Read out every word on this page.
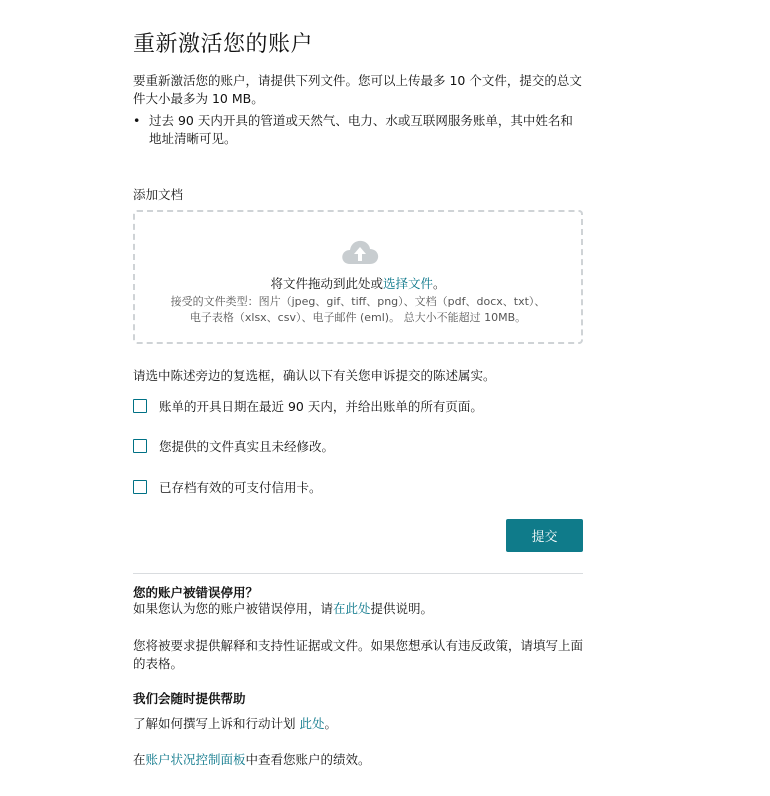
重新激活您的账户
要重新激活您的账户，请提供下列文件。您可以上传最多 10 个文件，提交的总文件大小最多为 10 MB。
• 过去 90 天内开具的管道或天然气、电力、水或互联网服务账单，其中姓名和地址清晰可见。
添加文档
将文件拖动到此处或选择文件。
接受的文件类型：图片（jpeg、gif、tiff、png）、文档（pdf、docx、txt）、
电子表格（xlsx、csv）、电子邮件 (eml)。 总大小不能超过 10MB。
请选中陈述旁边的复选框，确认以下有关您申诉提交的陈述属实。
账单的开具日期在最近 90 天内，并给出账单的所有页面。
您提供的文件真实且未经修改。
已存档有效的可支付信用卡。
提交
您的账户被错误停用？
如果您认为您的账户被错误停用，请在此处提供说明。
您将被要求提供解释和支持性证据或文件。如果您想承认有违反政策，请填写上面的表格。
我们会随时提供帮助
了解如何撰写上诉和行动计划 此处。
在账户状况控制面板中查看您账户的绩效。
